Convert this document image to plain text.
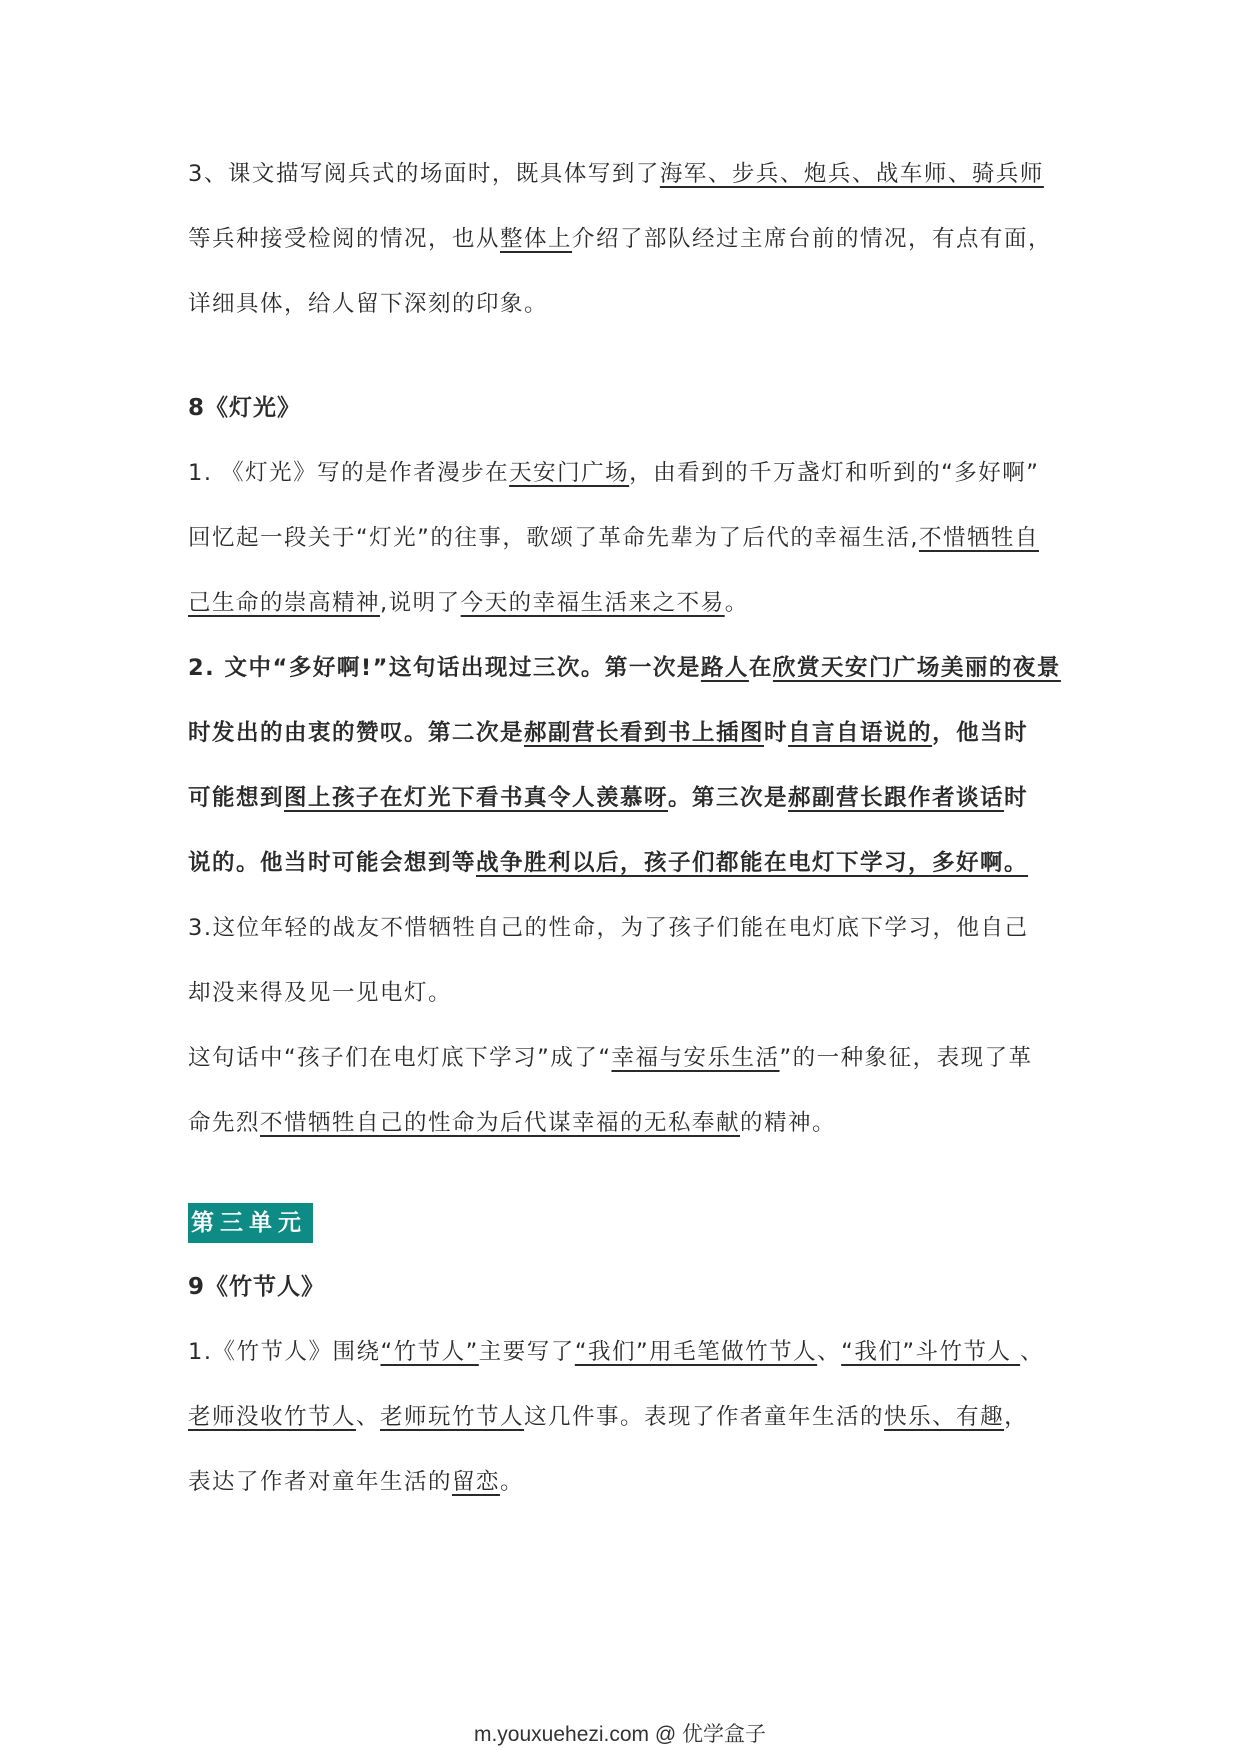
3、课文描写阅兵式的场面时，既具体写到了海军、步兵、炮兵、战车师、骑兵师
等兵种接受检阅的情况，也从整体上介绍了部队经过主席台前的情况，有点有面，
详细具体，给人留下深刻的印象。
8《灯光》
1. 《灯光》写的是作者漫步在天安门广场，由看到的千万盏灯和听到的“多好啊”
回忆起一段关于“灯光”的往事，歌颂了革命先辈为了后代的幸福生活,不惜牺牲自
己生命的崇高精神,说明了今天的幸福生活来之不易。
2. 文中“多好啊!”这句话出现过三次。第一次是路人在欣赏天安门广场美丽的夜景
时发出的由衷的赞叹。第二次是郝副营长看到书上插图时自言自语说的，他当时
可能想到图上孩子在灯光下看书真令人羡慕呀。第三次是郝副营长跟作者谈话时
说的。他当时可能会想到等战争胜利以后，孩子们都能在电灯下学习，多好啊。
3.这位年轻的战友不惜牺牲自己的性命，为了孩子们能在电灯底下学习，他自己
却没来得及见一见电灯。
这句话中“孩子们在电灯底下学习”成了“幸福与安乐生活”的一种象征，表现了革
命先烈不惜牺牲自己的性命为后代谋幸福的无私奉献的精神。
第三单元
9《竹节人》
1.《竹节人》围绕“竹节人”主要写了“我们”用毛笔做竹节人、“我们”斗竹节人 、
老师没收竹节人、老师玩竹节人这几件事。表现了作者童年生活的快乐、有趣，
表达了作者对童年生活的留恋。
m.youxuehezi.com @ 优学盒子
